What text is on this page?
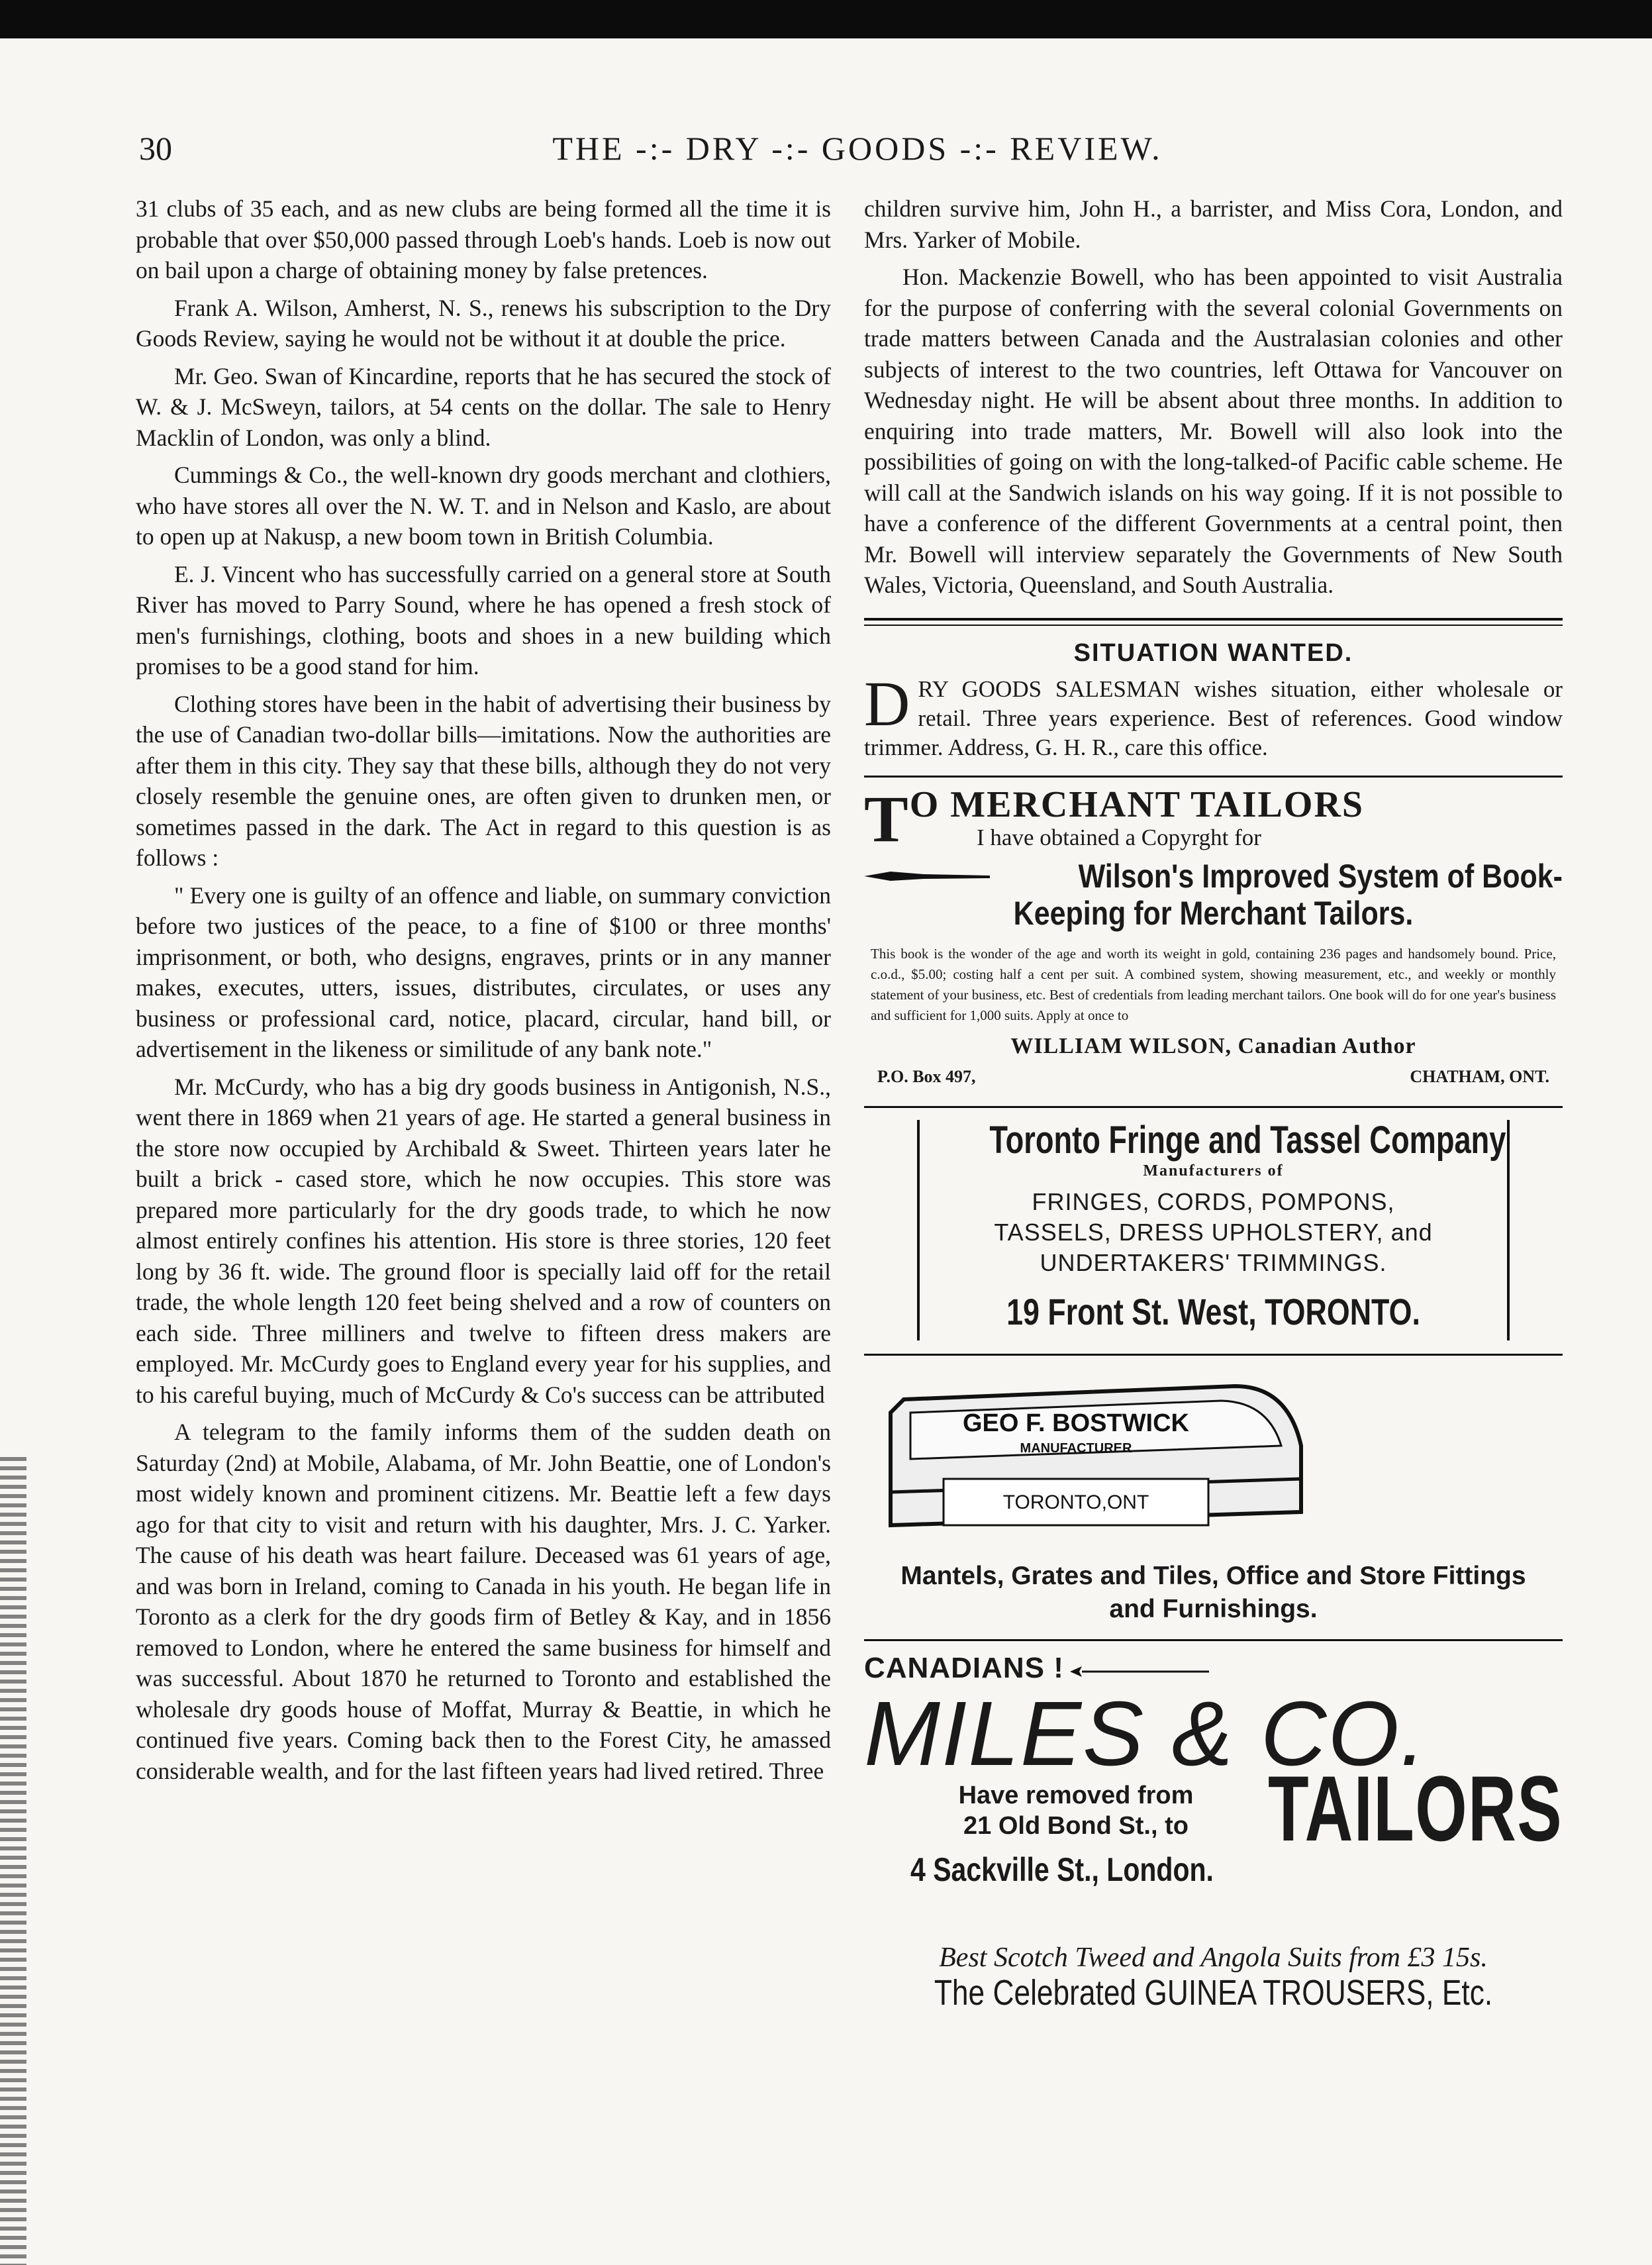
30	THE -:- DRY -:- GOODS -:- REVIEW.

31 clubs of 35 each, and as new clubs are being formed all the time it is probable that over $50,000 passed through Loeb's hands. Loeb is now out on bail upon a charge of obtaining money by false pretences.

Frank A. Wilson, Amherst, N. S., renews his subscription to the Dry Goods Review, saying he would not be without it at double the price.

Mr. Geo. Swan of Kincardine, reports that he has secured the stock of W. & J. McSweyn, tailors, at 54 cents on the dollar. The sale to Henry Macklin of London, was only a blind.

Cummings & Co., the well-known dry goods merchant and clothiers, who have stores all over the N. W. T. and in Nelson and Kaslo, are about to open up at Nakusp, a new boom town in British Columbia.

E. J. Vincent who has successfully carried on a general store at South River has moved to Parry Sound, where he has opened a fresh stock of men's furnishings, clothing, boots and shoes in a new building which promises to be a good stand for him.

Clothing stores have been in the habit of advertising their business by the use of Canadian two-dollar bills—imitations. Now the authorities are after them in this city. They say that these bills, although they do not very closely resemble the genuine ones, are often given to drunken men, or sometimes passed in the dark. The Act in regard to this question is as follows :

" Every one is guilty of an offence and liable, on summary conviction before two justices of the peace, to a fine of $100 or three months' imprisonment, or both, who designs, engraves, prints or in any manner makes, executes, utters, issues, distributes, circulates, or uses any business or professional card, notice, placard, circular, hand bill, or advertisement in the likeness or similitude of any bank note."

Mr. McCurdy, who has a big dry goods business in Antigonish, N.S., went there in 1869 when 21 years of age. He started a general business in the store now occupied by Archibald & Sweet. Thirteen years later he built a brick - cased store, which he now occupies. This store was prepared more particularly for the dry goods trade, to which he now almost entirely confines his attention. His store is three stories, 120 feet long by 36 ft. wide. The ground floor is specially laid off for the retail trade, the whole length 120 feet being shelved and a row of counters on each side. Three milliners and twelve to fifteen dress makers are employed. Mr. McCurdy goes to England every year for his supplies, and to his careful buying, much of McCurdy & Co's success can be attributed

A telegram to the family informs them of the sudden death on Saturday (2nd) at Mobile, Alabama, of Mr. John Beattie, one of London's most widely known and prominent citizens. Mr. Beattie left a few days ago for that city to visit and return with his daughter, Mrs. J. C. Yarker. The cause of his death was heart failure. Deceased was 61 years of age, and was born in Ireland, coming to Canada in his youth. He began life in Toronto as a clerk for the dry goods firm of Betley & Kay, and in 1856 removed to London, where he entered the same business for himself and was successful. About 1870 he returned to Toronto and established the wholesale dry goods house of Moffat, Murray & Beattie, in which he continued five years. Coming back then to the Forest City, he amassed considerable wealth, and for the last fifteen years had lived retired. Three

children survive him, John H., a barrister, and Miss Cora, London, and Mrs. Yarker of Mobile.

Hon. Mackenzie Bowell, who has been appointed to visit Australia for the purpose of conferring with the several colonial Governments on trade matters between Canada and the Australasian colonies and other subjects of interest to the two countries, left Ottawa for Vancouver on Wednesday night. He will be absent about three months. In addition to enquiring into trade matters, Mr. Bowell will also look into the possibilities of going on with the long-talked-of Pacific cable scheme. He will call at the Sandwich islands on his way going. If it is not possible to have a conference of the different Governments at a central point, then Mr. Bowell will interview separately the Governments of New South Wales, Victoria, Queensland, and South Australia.

SITUATION WANTED.
D RY GOODS SALESMAN wishes situation, either wholesale or retail. Three years experience. Best of references. Good window trimmer. Address, G. H. R., care this office.
TO MERCHANT TAILORS
I have obtained a Copyrght for
Wilson's Improved System of Book-
Keeping for Merchant Tailors.
This book is the wonder of the age and worth its weight in gold, containing 236 pages and handsomely bound. Price, c.o.d., $5.00; costing half a cent per suit. A combined system, showing measurement, etc., and weekly or monthly statement of your business, etc. Best of credentials from leading merchant tailors. One book will do for one year's business and sufficient for 1,000 suits. Apply at once to
WILLIAM WILSON, Canadian Author
P.O. Box 497,	CHATHAM, ONT.
Toronto Fringe and Tassel Company
Manufacturers of
FRINGES, CORDS, POMPONS,
TASSELS, DRESS UPHOLSTERY, and
UNDERTAKERS' TRIMMINGS.
19 Front St. West, TORONTO.
GEO F. BOSTWICK
MANUFACTURER
TORONTO,ONT
Mantels, Grates and Tiles, Office and Store Fittings
and Furnishings.
CANADIANS !
MILES & CO.
Have removed from
21 Old Bond St., to
4 Sackville St., London.
TAILORS
Best Scotch Tweed and Angola Suits from £3 15s.
The Celebrated GUINEA TROUSERS, Etc.
